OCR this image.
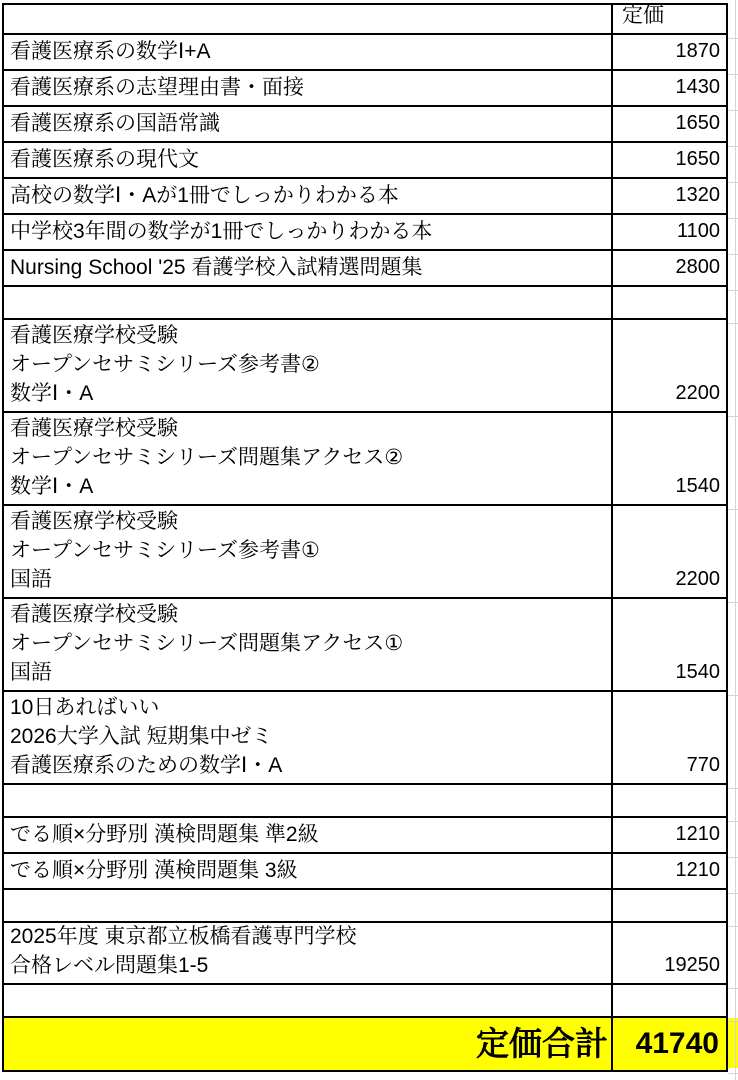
定価
看護医療系の数学Ⅰ+A	1870
看護医療系の志望理由書・面接	1430
看護医療系の国語常識	1650
看護医療系の現代文	1650
高校の数学Ⅰ・Aが1冊でしっかりわかる本	1320
中学校3年間の数学が1冊でしっかりわかる本	1100
Nursing School '25 看護学校入試精選問題集	2800
看護医療学校受験
オープンセサミシリーズ参考書②
数学Ⅰ・A	2200
看護医療学校受験
オープンセサミシリーズ問題集アクセス②
数学Ⅰ・A	1540
看護医療学校受験
オープンセサミシリーズ参考書①
国語	2200
看護医療学校受験
オープンセサミシリーズ問題集アクセス①
国語	1540
10日あればいい
2026大学入試 短期集中ゼミ
看護医療系のための数学Ⅰ・A	770
でる順×分野別 漢検問題集 準2級	1210
でる順×分野別 漢検問題集 3級	1210
2025年度 東京都立板橋看護専門学校
合格レベル問題集1-5	19250
定価合計 41740
